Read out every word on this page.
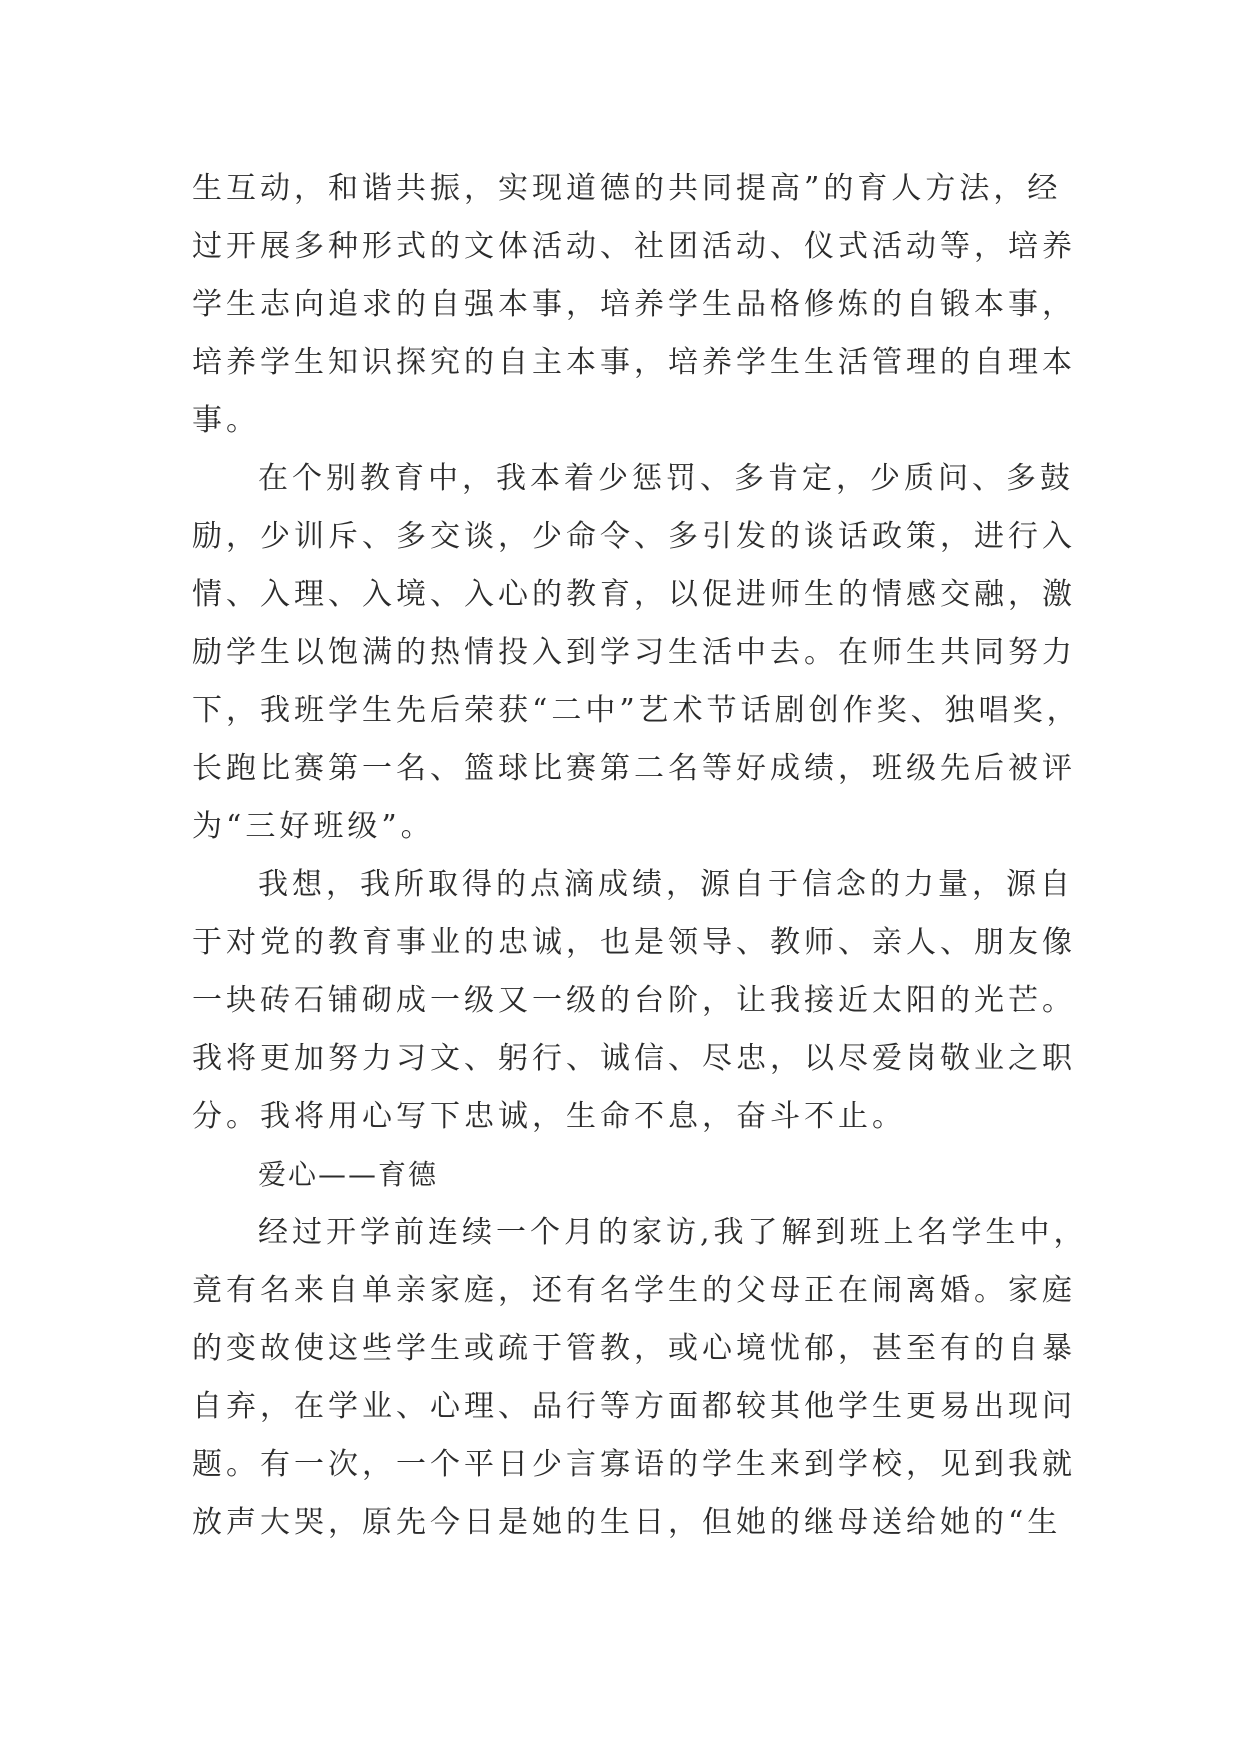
生互动，和谐共振，实现道德的共同提高”的育人方法，经
过开展多种形式的文体活动、社团活动、仪式活动等，培养
学生志向追求的自强本事，培养学生品格修炼的自锻本事，
培养学生知识探究的自主本事，培养学生生活管理的自理本
事。
在个别教育中，我本着少惩罚、多肯定，少质问、多鼓
励，少训斥、多交谈，少命令、多引发的谈话政策，进行入
情、入理、入境、入心的教育，以促进师生的情感交融，激
励学生以饱满的热情投入到学习生活中去。在师生共同努力
下，我班学生先后荣获“二中”艺术节话剧创作奖、独唱奖，
长跑比赛第一名、篮球比赛第二名等好成绩，班级先后被评
为“三好班级”。
我想，我所取得的点滴成绩，源自于信念的力量，源自
于对党的教育事业的忠诚，也是领导、教师、亲人、朋友像
一块砖石铺砌成一级又一级的台阶，让我接近太阳的光芒。
我将更加努力习文、躬行、诚信、尽忠，以尽爱岗敬业之职
分。我将用心写下忠诚，生命不息，奋斗不止。
爱心——育德
经过开学前连续一个月的家访,我了解到班上名学生中，
竟有名来自单亲家庭，还有名学生的父母正在闹离婚。家庭
的变故使这些学生或疏于管教，或心境忧郁，甚至有的自暴
自弃，在学业、心理、品行等方面都较其他学生更易出现问
题。有一次，一个平日少言寡语的学生来到学校，见到我就
放声大哭，原先今日是她的生日，但她的继母送给她的“生
